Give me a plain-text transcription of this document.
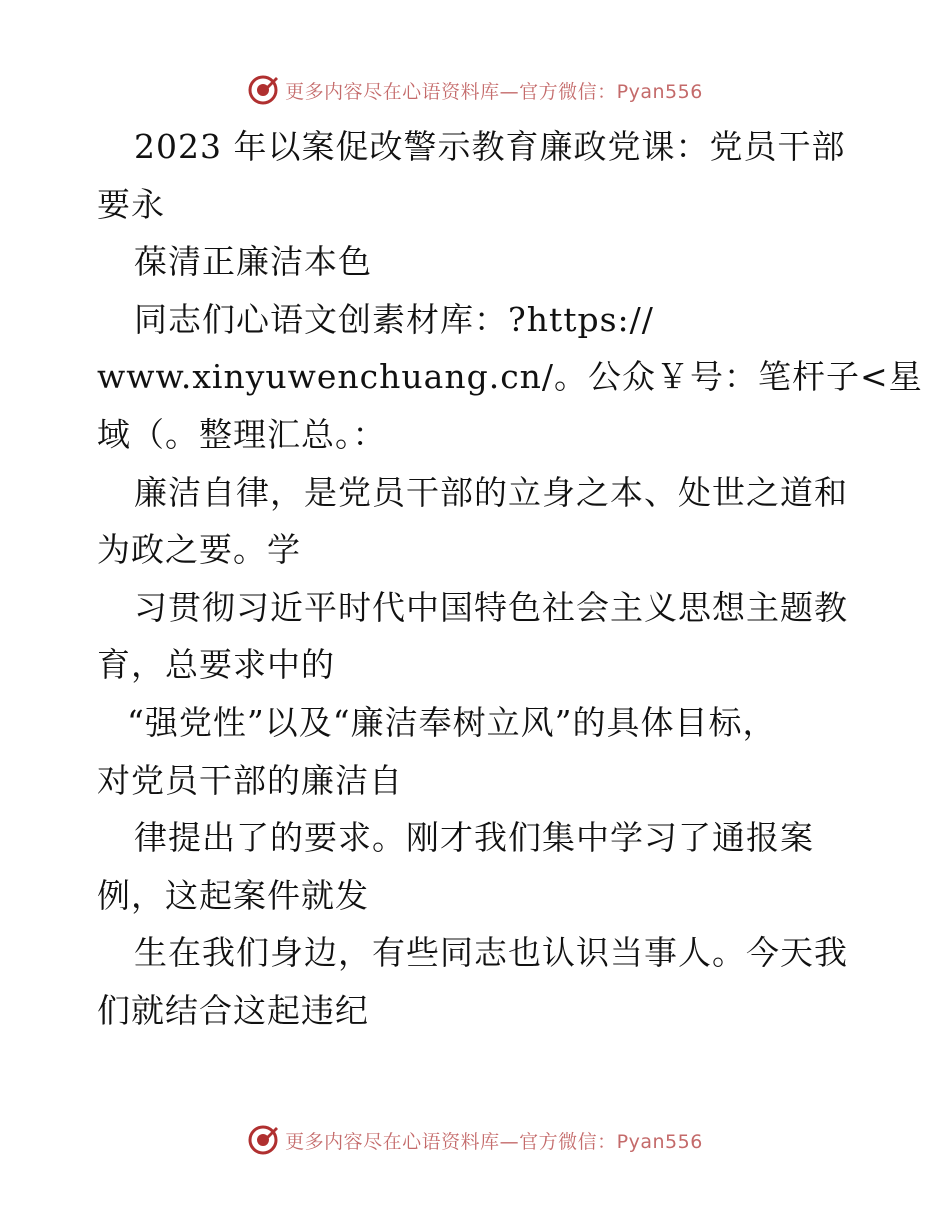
更多内容尽在心语资料库—官方微信：Pyan556
2023 年以案促改警示教育廉政党课：党员干部
要永
葆清正廉洁本色
同志们心语文创素材库：?https://
www.xinyuwenchuang.cn/。公众￥号：笔杆子<星
域（。整理汇总。：
廉洁自律，是党员干部的立身之本、处世之道和
为政之要。学
习贯彻习近平时代中国特色社会主义思想主题教
育，总要求中的
“强党性”以及“廉洁奉树立风”的具体目标，
对党员干部的廉洁自
律提出了的要求。刚才我们集中学习了通报案
例，这起案件就发
生在我们身边，有些同志也认识当事人。今天我
们就结合这起违纪
更多内容尽在心语资料库—官方微信：Pyan556
